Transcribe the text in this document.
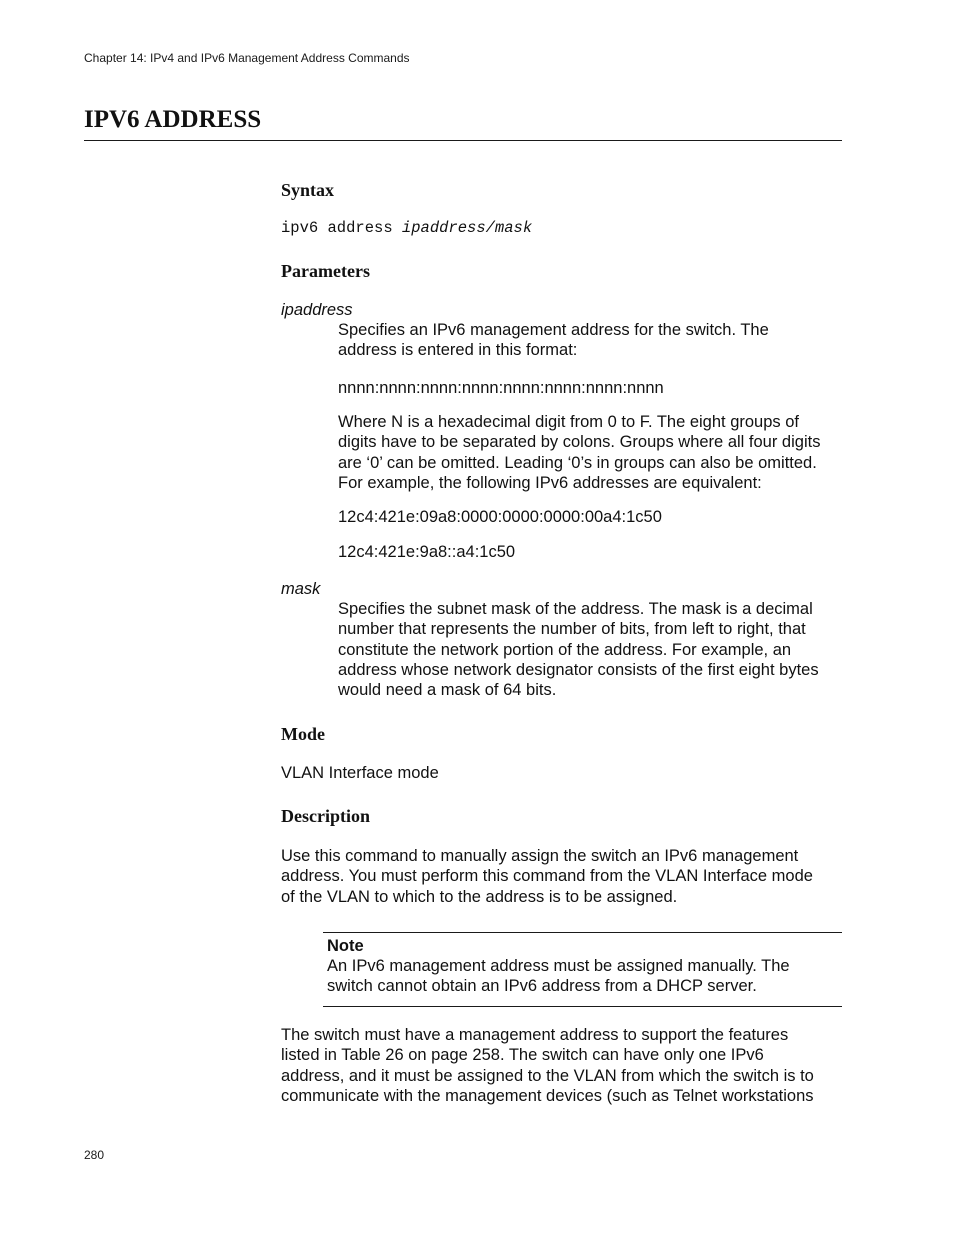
Chapter 14: IPv4 and IPv6 Management Address Commands
IPV6 ADDRESS
Syntax
ipv6 address ipaddress/mask
Parameters
ipaddress

Specifies an IPv6 management address for the switch. The
address is entered in this format:

nnnn:nnnn:nnnn:nnnn:nnnn:nnnn:nnnn:nnnn

Where N is a hexadecimal digit from 0 to F. The eight groups of
digits have to be separated by colons. Groups where all four digits
are ‘0’ can be omitted. Leading ‘0’s in groups can also be omitted.
For example, the following IPv6 addresses are equivalent:

12c4:421e:09a8:0000:0000:0000:00a4:1c50

12c4:421e:9a8::a4:1c50

mask

Specifies the subnet mask of the address. The mask is a decimal
number that represents the number of bits, from left to right, that
constitute the network portion of the address. For example, an
address whose network designator consists of the first eight bytes
would need a mask of 64 bits.

Mode

VLAN Interface mode

Description

Use this command to manually assign the switch an IPv6 management
address. You must perform this command from the VLAN Interface mode
of the VLAN to which to the address is to be assigned.

Note

An IPv6 management address must be assigned manually. The
switch cannot obtain an IPv6 address from a DHCP server.

The switch must have a management address to support the features
listed in Table 26 on page 258. The switch can have only one IPv6
address, and it must be assigned to the VLAN from which the switch is to
communicate with the management devices (such as Telnet workstations

280
